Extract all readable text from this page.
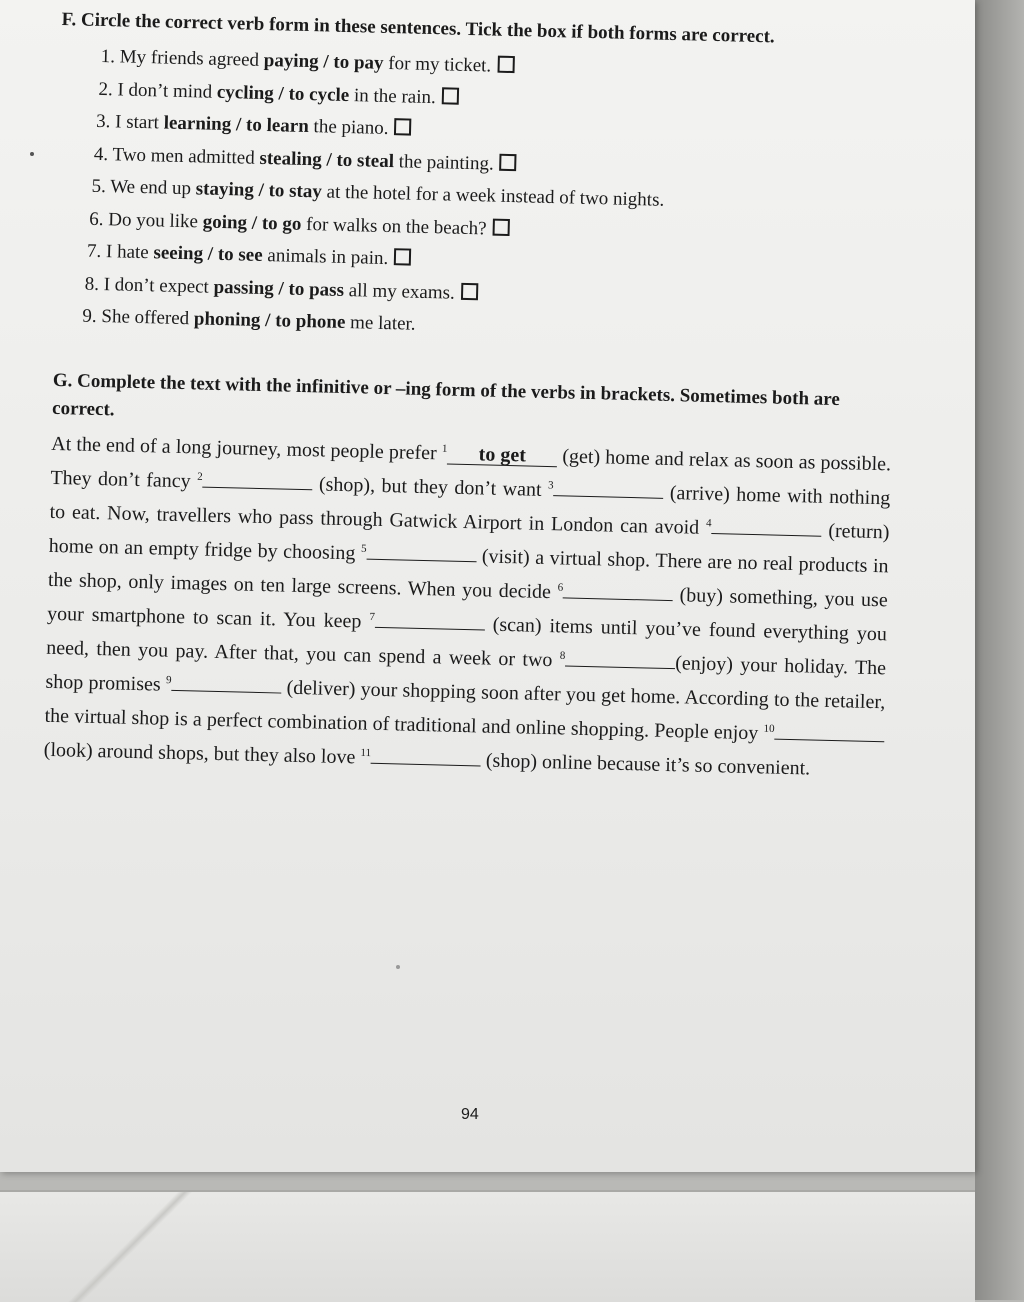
F. Circle the correct verb form in these sentences. Tick the box if both forms are correct.

1. My friends agreed paying / to pay for my ticket.
2. I don’t mind cycling / to cycle in the rain.
3. I start learning / to learn the piano.
4. Two men admitted stealing / to steal the painting.
5. We end up staying / to stay at the hotel for a week instead of two nights.
6. Do you like going / to go for walks on the beach?
7. I hate seeing / to see animals in pain.
8. I don’t expect passing / to pass all my exams.
9. She offered phoning / to phone me later.

G. Complete the text with the infinitive or –ing form of the verbs in brackets. Sometimes both are correct.

At the end of a long journey, most people prefer $^1$ to get (get) home and relax as soon as possible. They don’t fancy $^2$	(shop), but they don’t want $^3$	(arrive) home with nothing to eat. Now, travellers who pass through Gatwick Airport in London can avoid $^4$	(return) home on an empty fridge by choosing $^5$	(visit) a virtual shop. There are no real products in the shop, only images on ten large screens. When you decide $^6$	(buy) something, you use your smartphone to scan it. You keep $^7$	(scan) items until you’ve found everything you need, then you pay. After that, you can spend a week or two $^8$	(enjoy) your holiday. The shop promises $^9$	(deliver) your shopping soon after you get home. According to the retailer, the virtual shop is a perfect combination of traditional and online shopping. People enjoy $^{10}$ (look) around shops, but they also love $^{11}$	(shop) online because it’s so convenient.

94
